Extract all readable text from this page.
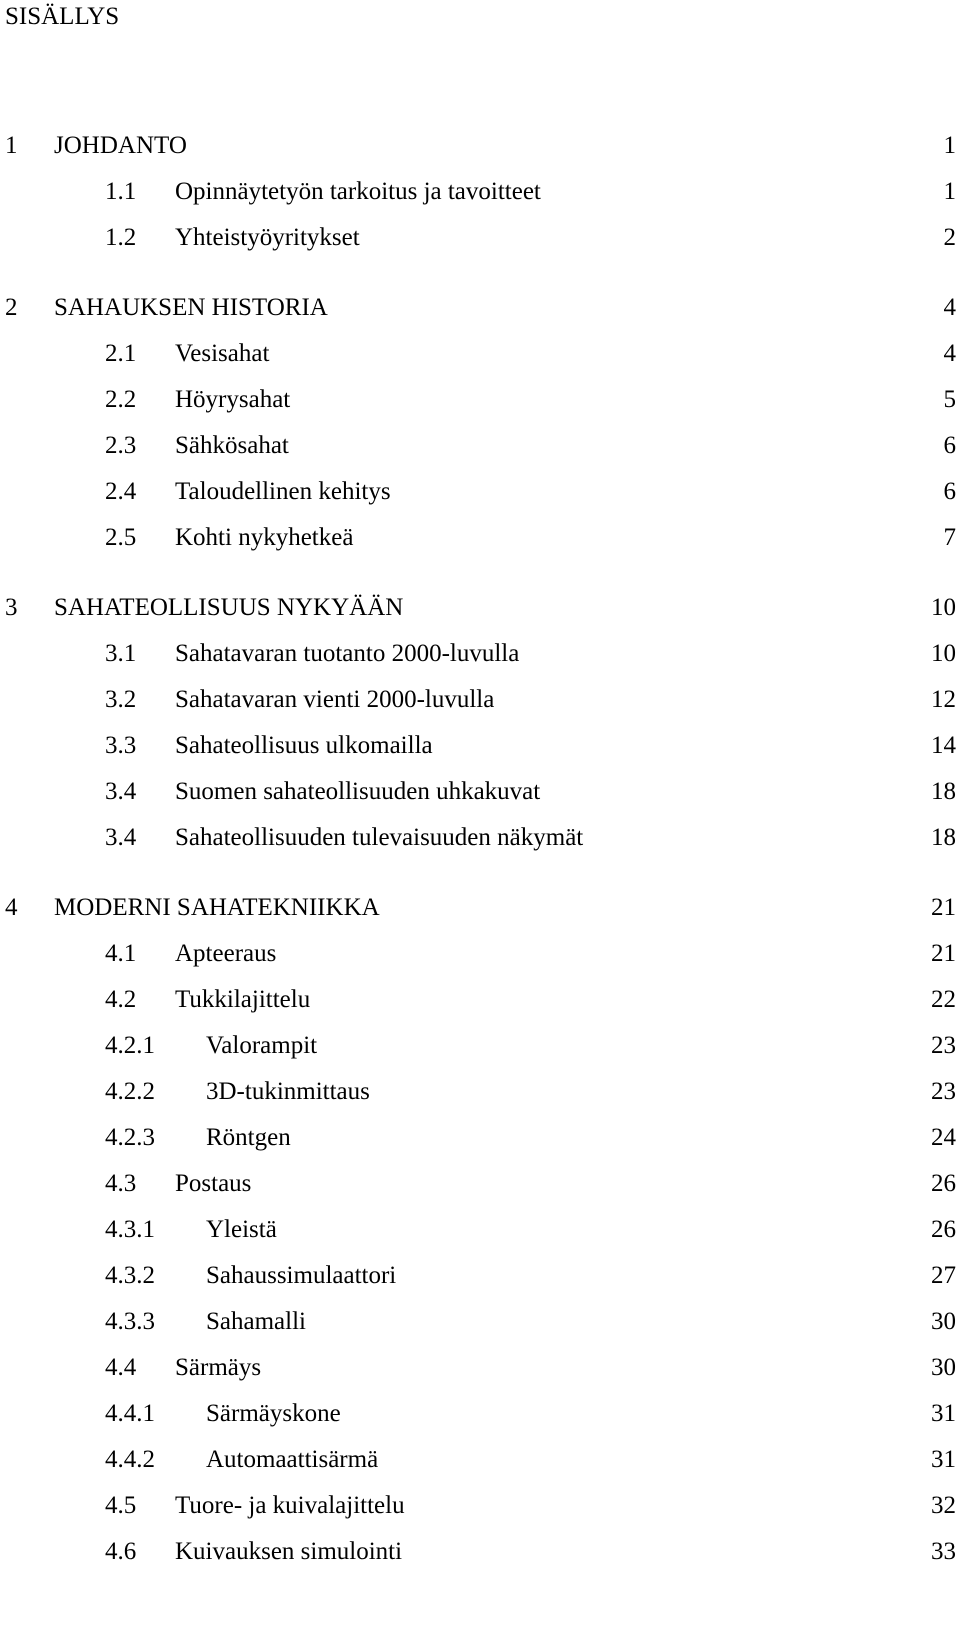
SISÄLLYS
1 JOHDANTO	1
1.1 Opinnäytetyön tarkoitus ja tavoitteet	1
1.2 Yhteistyöyritykset	2
2 SAHAUKSEN HISTORIA	4
2.1 Vesisahat	4
2.2 Höyrysahat	5
2.3 Sähkösahat	6
2.4 Taloudellinen kehitys	6
2.5 Kohti nykyhetkeä	7
3 SAHATEOLLISUUS NYKYÄÄN	10
3.1 Sahatavaran tuotanto 2000-luvulla	10
3.2 Sahatavaran vienti 2000-luvulla	12
3.3 Sahateollisuus ulkomailla	14
3.4 Suomen sahateollisuuden uhkakuvat	18
3.4 Sahateollisuuden tulevaisuuden näkymät	18
4 MODERNI SAHATEKNIIKKA	21
4.1 Apteeraus	21
4.2 Tukkilajittelu	22
4.2.1 Valorampit	23
4.2.2 3D-tukinmittaus	23
4.2.3 Röntgen	24
4.3 Postaus	26
4.3.1 Yleistä	26
4.3.2 Sahaussimulaattori	27
4.3.3 Sahamalli	30
4.4 Särmäys	30
4.4.1 Särmäyskone	31
4.4.2 Automaattisärmä	31
4.5 Tuore- ja kuivalajittelu	32
4.6 Kuivauksen simulointi	33
